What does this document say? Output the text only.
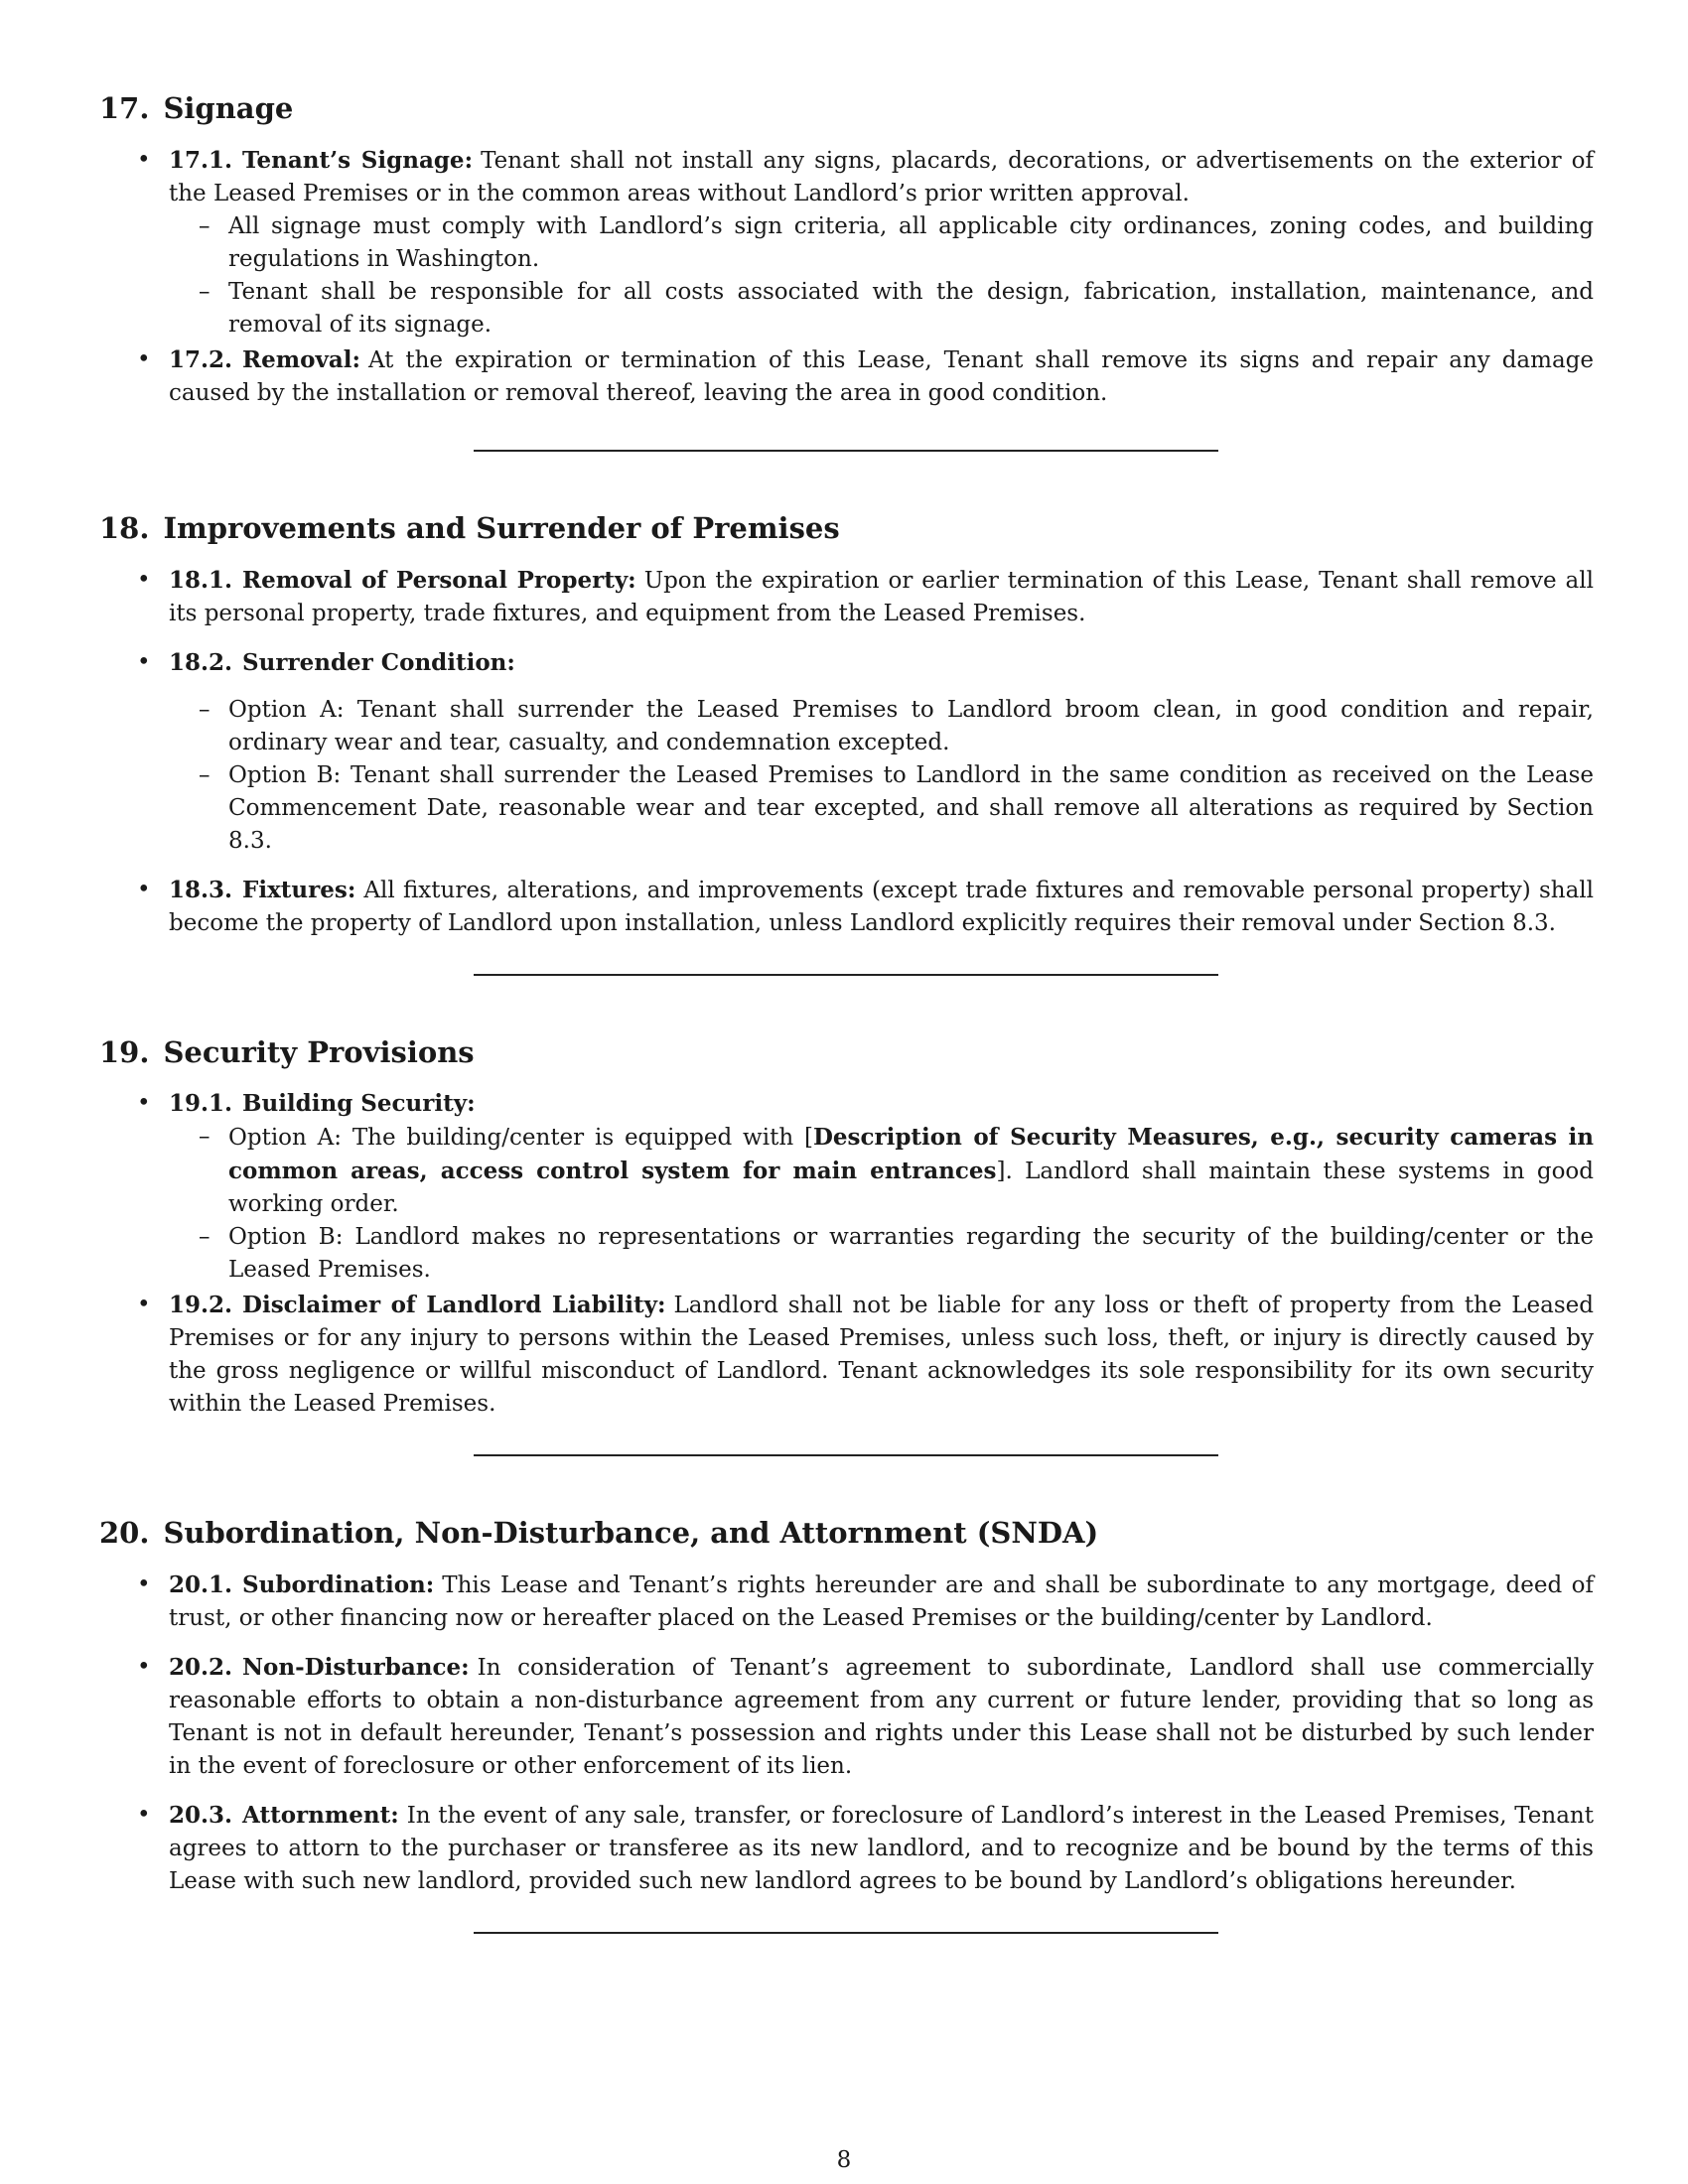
17. Signage
• 17.1. Tenant’s Signage: Tenant shall not install any signs, placards, decorations, or advertisements on the exterior of the Leased Premises or in the common areas without Landlord’s prior written approval.
– All signage must comply with Landlord’s sign criteria, all applicable city ordinances, zoning codes, and building regulations in Washington.
– Tenant shall be responsible for all costs associated with the design, fabrication, installation, maintenance, and removal of its signage.
• 17.2. Removal: At the expiration or termination of this Lease, Tenant shall remove its signs and repair any damage caused by the installation or removal thereof, leaving the area in good condition.
18. Improvements and Surrender of Premises
• 18.1. Removal of Personal Property: Upon the expiration or earlier termination of this Lease, Tenant shall remove all its personal property, trade fixtures, and equipment from the Leased Premises.
• 18.2. Surrender Condition:
– Option A: Tenant shall surrender the Leased Premises to Landlord broom clean, in good condition and repair, ordinary wear and tear, casualty, and condemnation excepted.
– Option B: Tenant shall surrender the Leased Premises to Landlord in the same condition as received on the Lease Commencement Date, reasonable wear and tear excepted, and shall remove all alterations as required by Section 8.3.
• 18.3. Fixtures: All fixtures, alterations, and improvements (except trade fixtures and removable personal property) shall become the property of Landlord upon installation, unless Landlord explicitly requires their removal under Section 8.3.
19. Security Provisions
• 19.1. Building Security:
– Option A: The building/center is equipped with [Description of Security Measures, e.g., security cameras in common areas, access control system for main entrances]. Landlord shall maintain these systems in good working order.
– Option B: Landlord makes no representations or warranties regarding the security of the building/center or the Leased Premises.
• 19.2. Disclaimer of Landlord Liability: Landlord shall not be liable for any loss or theft of property from the Leased Premises or for any injury to persons within the Leased Premises, unless such loss, theft, or injury is directly caused by the gross negligence or willful misconduct of Landlord. Tenant acknowledges its sole responsibility for its own security within the Leased Premises.
20. Subordination, Non-Disturbance, and Attornment (SNDA)
• 20.1. Subordination: This Lease and Tenant’s rights hereunder are and shall be subordinate to any mortgage, deed of trust, or other financing now or hereafter placed on the Leased Premises or the building/center by Landlord.
• 20.2. Non-Disturbance: In consideration of Tenant’s agreement to subordinate, Landlord shall use commercially reasonable efforts to obtain a non-disturbance agreement from any current or future lender, providing that so long as Tenant is not in default hereunder, Tenant’s possession and rights under this Lease shall not be disturbed by such lender in the event of foreclosure or other enforcement of its lien.
• 20.3. Attornment: In the event of any sale, transfer, or foreclosure of Landlord’s interest in the Leased Premises, Tenant agrees to attorn to the purchaser or transferee as its new landlord, and to recognize and be bound by the terms of this Lease with such new landlord, provided such new landlord agrees to be bound by Landlord’s obligations hereunder.
8
